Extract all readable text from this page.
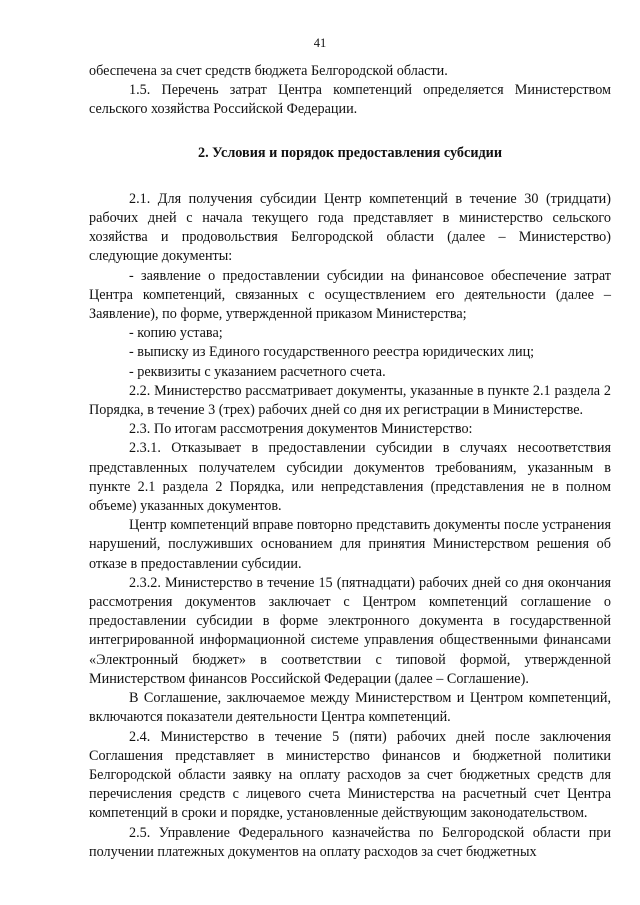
41

обеспечена за счет средств бюджета Белгородской области.

1.5. Перечень затрат Центра компетенций определяется Министерством сельского хозяйства Российской Федерации.

2. Условия и порядок предоставления субсидии

2.1. Для получения субсидии Центр компетенций в течение 30 (тридцати) рабочих дней с начала текущего года представляет в министерство сельского хозяйства и продовольствия Белгородской области (далее – Министерство) следующие документы:

- заявление о предоставлении субсидии на финансовое обеспечение затрат Центра компетенций, связанных с осуществлением его деятельности (далее – Заявление), по форме, утвержденной приказом Министерства;

- копию устава;

- выписку из Единого государственного реестра юридических лиц;

- реквизиты с указанием расчетного счета.

2.2. Министерство рассматривает документы, указанные в пункте 2.1 раздела 2 Порядка, в течение 3 (трех) рабочих дней со дня их регистрации в Министерстве.

2.3. По итогам рассмотрения документов Министерство:

2.3.1. Отказывает в предоставлении субсидии в случаях несоответствия представленных получателем субсидии документов требованиям, указанным в пункте 2.1 раздела 2 Порядка, или непредставления (представления не в полном объеме) указанных документов.

Центр компетенций вправе повторно представить документы после устранения нарушений, послуживших основанием для принятия Министерством решения об отказе в предоставлении субсидии.

2.3.2. Министерство в течение 15 (пятнадцати) рабочих дней со дня окончания рассмотрения документов заключает с Центром компетенций соглашение о предоставлении субсидии в форме электронного документа в государственной интегрированной информационной системе управления общественными финансами «Электронный бюджет» в соответствии с типовой формой, утвержденной Министерством финансов Российской Федерации (далее – Соглашение).

В Соглашение, заключаемое между Министерством и Центром компетенций, включаются показатели деятельности Центра компетенций.

2.4. Министерство в течение 5 (пяти) рабочих дней после заключения Соглашения представляет в министерство финансов и бюджетной политики Белгородской области заявку на оплату расходов за счет бюджетных средств для перечисления средств с лицевого счета Министерства на расчетный счет Центра компетенций в сроки и порядке, установленные действующим законодательством.

2.5. Управление Федерального казначейства по Белгородской области при получении платежных документов на оплату расходов за счет бюджетных
